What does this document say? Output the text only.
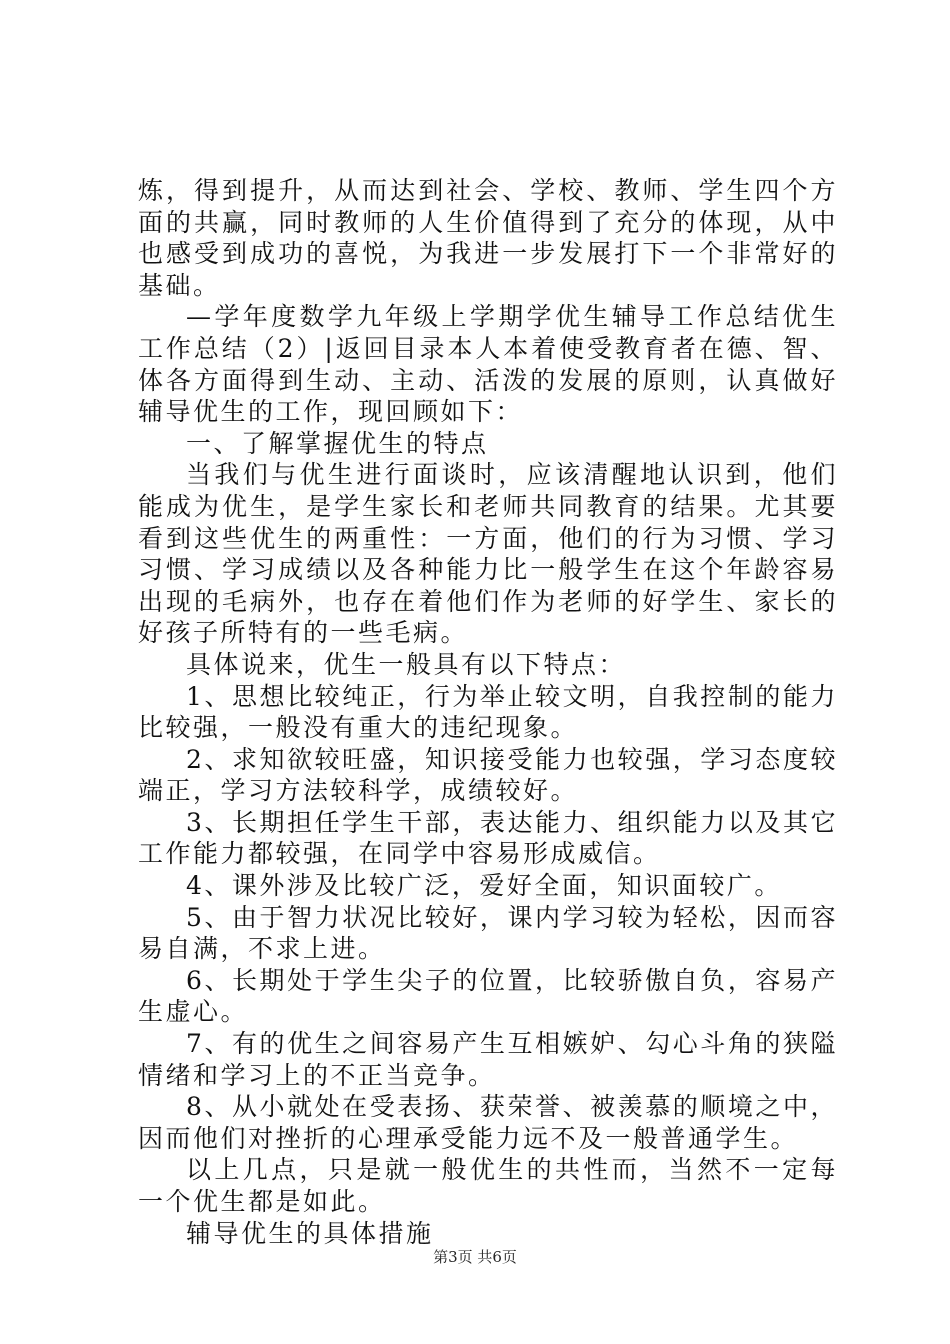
炼，得到提升，从而达到社会、学校、教师、学生四个方面的共赢，同时教师的人生价值得到了充分的体现，从中也感受到成功的喜悦，为我进一步发展打下一个非常好的基础。

—学年度数学九年级上学期学优生辅导工作总结优生工作总结（2）|返回目录本人本着使受教育者在德、智、体各方面得到生动、主动、活泼的发展的原则，认真做好辅导优生的工作，现回顾如下：

一、了解掌握优生的特点

当我们与优生进行面谈时，应该清醒地认识到，他们能成为优生，是学生家长和老师共同教育的结果。尤其要看到这些优生的两重性：一方面，他们的行为习惯、学习习惯、学习成绩以及各种能力比一般学生在这个年龄容易出现的毛病外，也存在着他们作为老师的好学生、家长的好孩子所特有的一些毛病。

具体说来，优生一般具有以下特点：

1、思想比较纯正，行为举止较文明，自我控制的能力比较强，一般没有重大的违纪现象。

2、求知欲较旺盛，知识接受能力也较强，学习态度较端正，学习方法较科学，成绩较好。

3、长期担任学生干部，表达能力、组织能力以及其它工作能力都较强，在同学中容易形成威信。

4、课外涉及比较广泛，爱好全面，知识面较广。

5、由于智力状况比较好，课内学习较为轻松，因而容易自满，不求上进。

6、长期处于学生尖子的位置，比较骄傲自负，容易产生虚心。

7、有的优生之间容易产生互相嫉妒、勾心斗角的狭隘情绪和学习上的不正当竞争。

8、从小就处在受表扬、获荣誉、被羡慕的顺境之中，因而他们对挫折的心理承受能力远不及一般普通学生。

以上几点，只是就一般优生的共性而，当然不一定每一个优生都是如此。

辅导优生的具体措施

第3页 共6页
